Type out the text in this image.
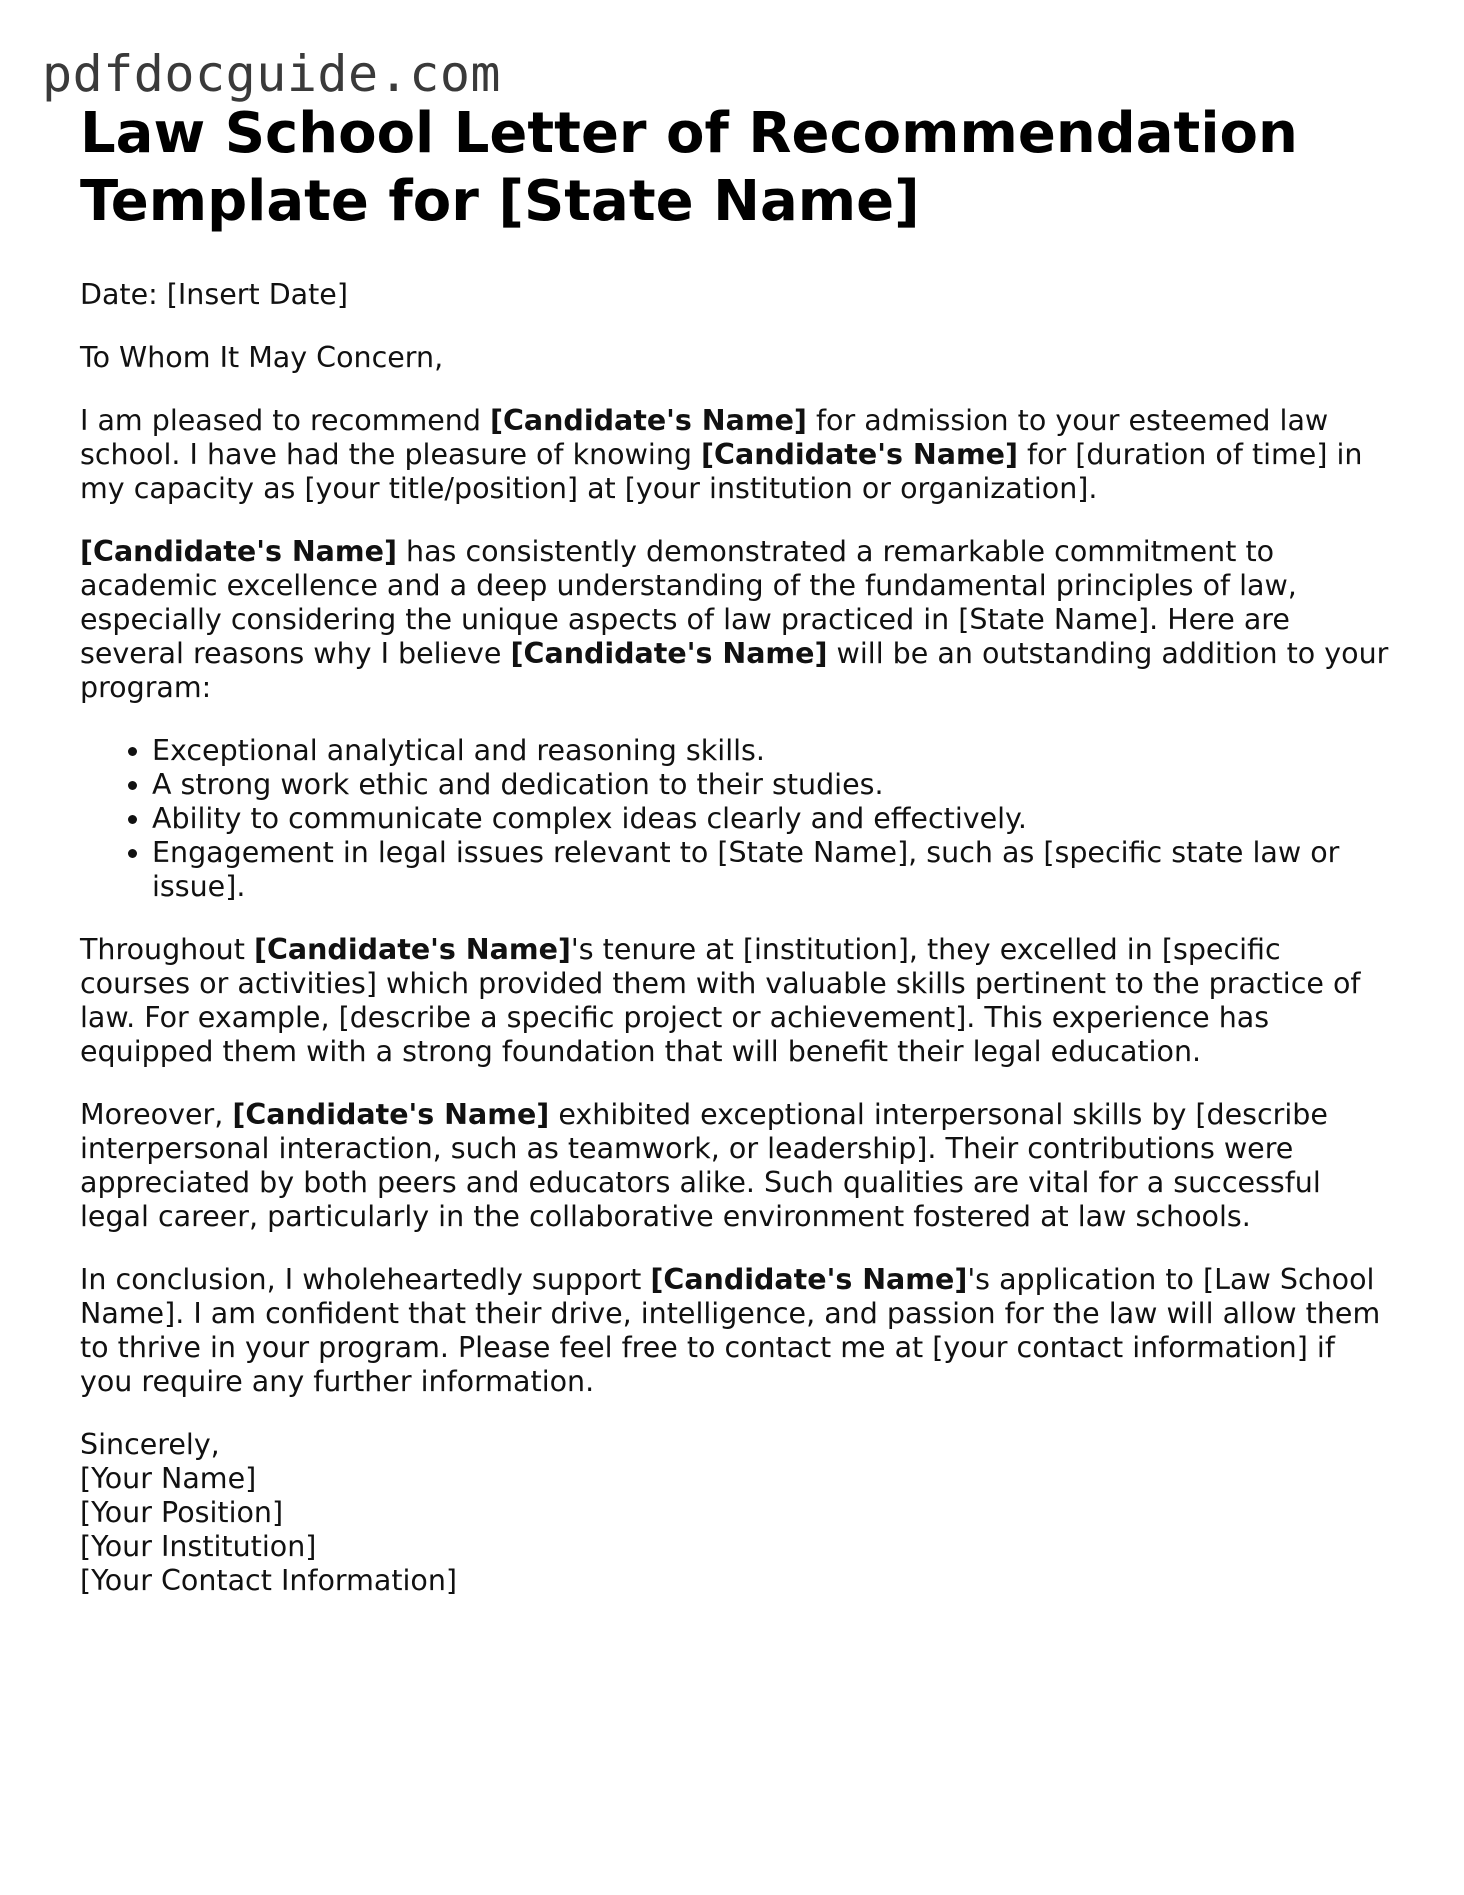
pdfdocguide.com
Law School Letter of Recommendation Template for [State Name]

Date: [Insert Date]

To Whom It May Concern,

I am pleased to recommend [Candidate's Name] for admission to your esteemed law school. I have had the pleasure of knowing [Candidate's Name] for [duration of time] in my capacity as [your title/position] at [your institution or organization].

[Candidate's Name] has consistently demonstrated a remarkable commitment to academic excellence and a deep understanding of the fundamental principles of law, especially considering the unique aspects of law practiced in [State Name]. Here are several reasons why I believe [Candidate's Name] will be an outstanding addition to your program:

• Exceptional analytical and reasoning skills.
• A strong work ethic and dedication to their studies.
• Ability to communicate complex ideas clearly and effectively.
• Engagement in legal issues relevant to [State Name], such as [specific state law or issue].

Throughout [Candidate's Name]'s tenure at [institution], they excelled in [specific courses or activities] which provided them with valuable skills pertinent to the practice of law. For example, [describe a specific project or achievement]. This experience has equipped them with a strong foundation that will benefit their legal education.

Moreover, [Candidate's Name] exhibited exceptional interpersonal skills by [describe interpersonal interaction, such as teamwork, or leadership]. Their contributions were appreciated by both peers and educators alike. Such qualities are vital for a successful legal career, particularly in the collaborative environment fostered at law schools.

In conclusion, I wholeheartedly support [Candidate's Name]'s application to [Law School Name]. I am confident that their drive, intelligence, and passion for the law will allow them to thrive in your program. Please feel free to contact me at [your contact information] if you require any further information.

Sincerely,

[Your Name]

[Your Position]

[Your Institution]

[Your Contact Information]
